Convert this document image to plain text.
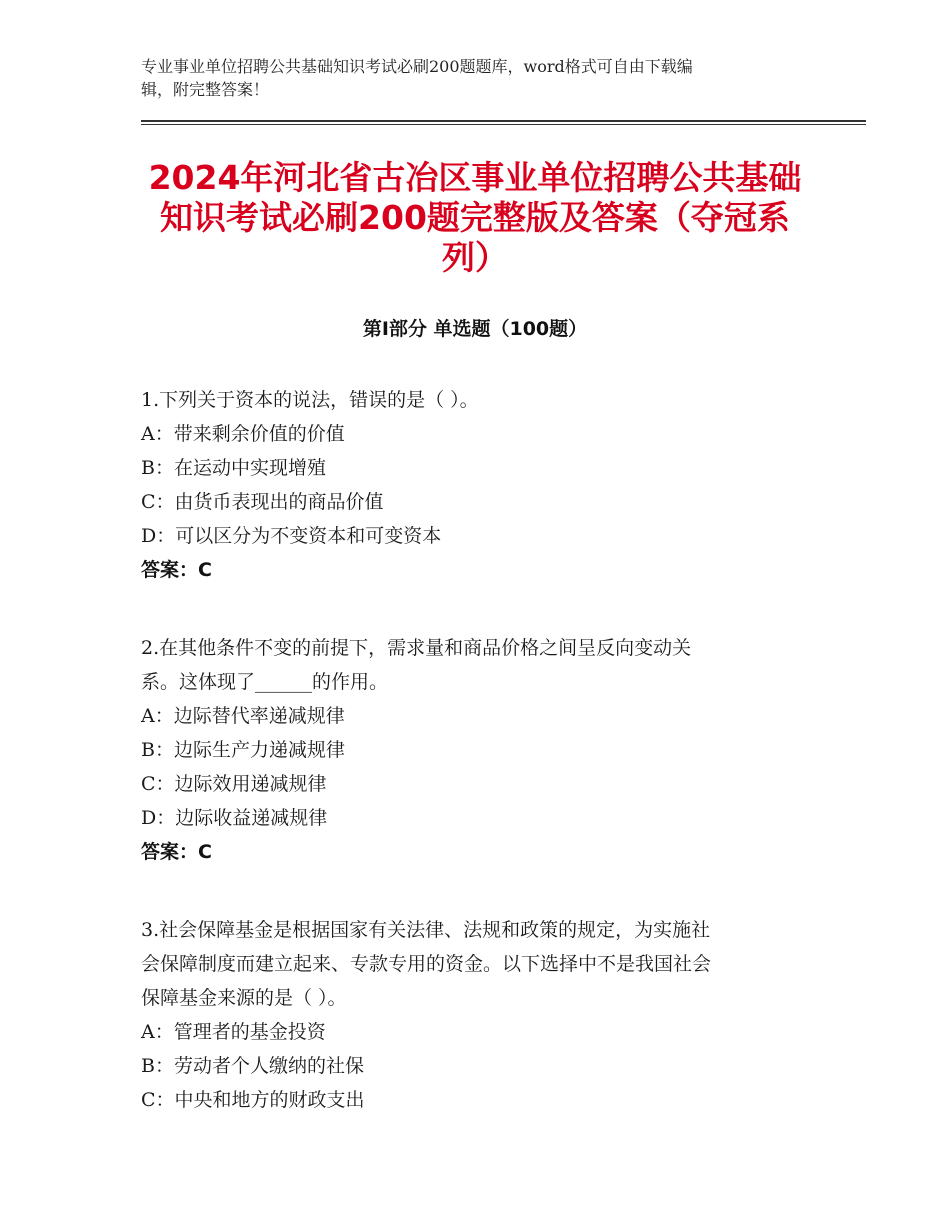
专业事业单位招聘公共基础知识考试必刷200题题库，word格式可自由下载编
辑，附完整答案！
2024年河北省古冶区事业单位招聘公共基础
知识考试必刷200题完整版及答案（夺冠系
列）
第Ⅰ部分 单选题（100题）
1.下列关于资本的说法，错误的是（ ）。
A：带来剩余价值的价值
B：在运动中实现增殖
C：由货币表现出的商品价值
D：可以区分为不变资本和可变资本
答案：C
2.在其他条件不变的前提下，需求量和商品价格之间呈反向变动关
系。这体现了______的作用。
A：边际替代率递减规律
B：边际生产力递减规律
C：边际效用递减规律
D：边际收益递减规律
答案：C
3.社会保障基金是根据国家有关法律、法规和政策的规定，为实施社
会保障制度而建立起来、专款专用的资金。以下选择中不是我国社会
保障基金来源的是（ ）。
A：管理者的基金投资
B：劳动者个人缴纳的社保
C：中央和地方的财政支出
